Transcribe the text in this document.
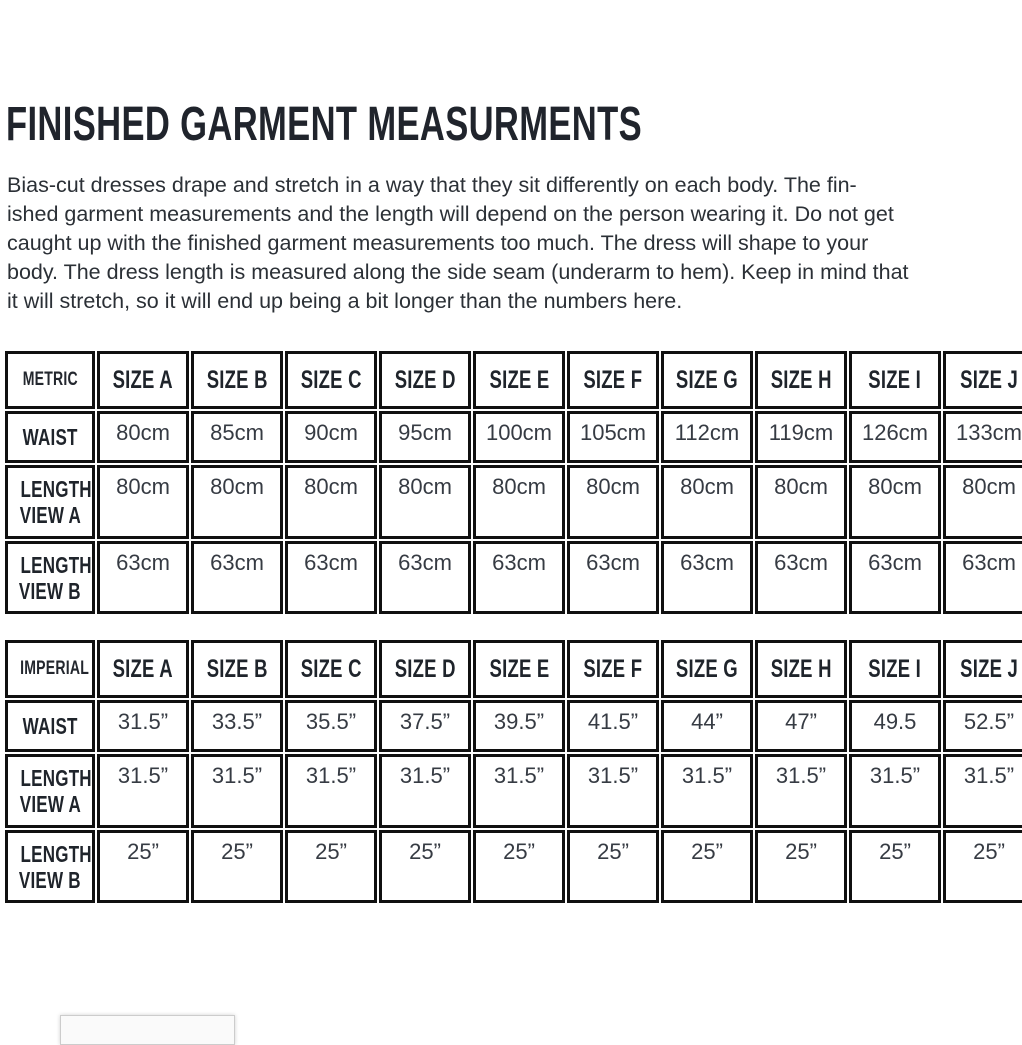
FINISHED GARMENT MEASURMENTS
Bias-cut dresses drape and stretch in a way that they sit differently on each body. The fin-
ished garment measurements and the length will depend on the person wearing it. Do not get
caught up with the finished garment measurements too much. The dress will shape to your
body. The dress length is measured along the side seam (underarm to hem). Keep in mind that
it will stretch, so it will end up being a bit longer than the numbers here.
METRIC	SIZE A	SIZE B	SIZE C	SIZE D	SIZE E	SIZE F	SIZE G	SIZE H	SIZE I	SIZE J

WAIST	80cm	85cm	90cm	95cm	100cm	105cm	112cm	119cm	126cm	133cm

LENGTH
VIEW A	80cm	80cm	80cm	80cm	80cm	80cm	80cm	80cm	80cm	80cm

LENGTH
VIEW B	63cm	63cm	63cm	63cm	63cm	63cm	63cm	63cm	63cm	63cm
IMPERIAL	SIZE A	SIZE B	SIZE C	SIZE D	SIZE E	SIZE F	SIZE G	SIZE H	SIZE I	SIZE J

WAIST	31.5”	33.5”	35.5”	37.5”	39.5”	41.5”	44”	47”	49.5	52.5”

LENGTH
VIEW A	31.5”	31.5”	31.5”	31.5”	31.5”	31.5”	31.5”	31.5”	31.5”	31.5”

LENGTH
VIEW B	25”	25”	25”	25”	25”	25”	25”	25”	25”	25”
